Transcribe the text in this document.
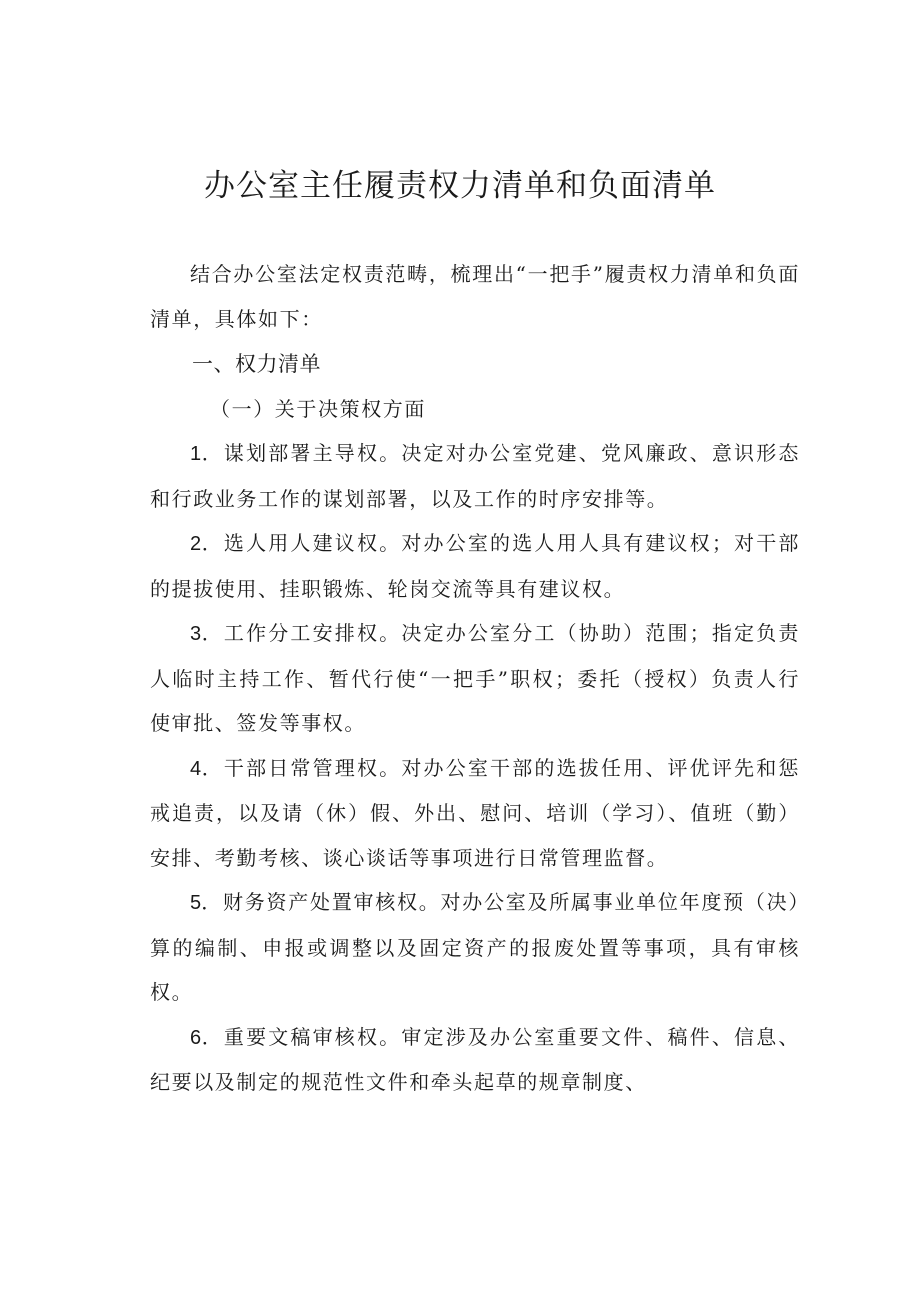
办公室主任履责权力清单和负面清单

结合办公室法定权责范畴，梳理出“一把手”履责权力清单和负面清单，具体如下：

一、权力清单

（一）关于决策权方面

1．谋划部署主导权。决定对办公室党建、党风廉政、意识形态和行政业务工作的谋划部署，以及工作的时序安排等。

2．选人用人建议权。对办公室的选人用人具有建议权；对干部的提拔使用、挂职锻炼、轮岗交流等具有建议权。

3．工作分工安排权。决定办公室分工（协助）范围；指定负责人临时主持工作、暂代行使“一把手”职权；委托（授权）负责人行使审批、签发等事权。

4．干部日常管理权。对办公室干部的选拔任用、评优评先和惩戒追责，以及请（休）假、外出、慰问、培训（学习）、值班（勤）安排、考勤考核、谈心谈话等事项进行日常管理监督。

5．财务资产处置审核权。对办公室及所属事业单位年度预（决）算的编制、申报或调整以及固定资产的报废处置等事项，具有审核权。

6．重要文稿审核权。审定涉及办公室重要文件、稿件、信息、纪要以及制定的规范性文件和牵头起草的规章制度、
